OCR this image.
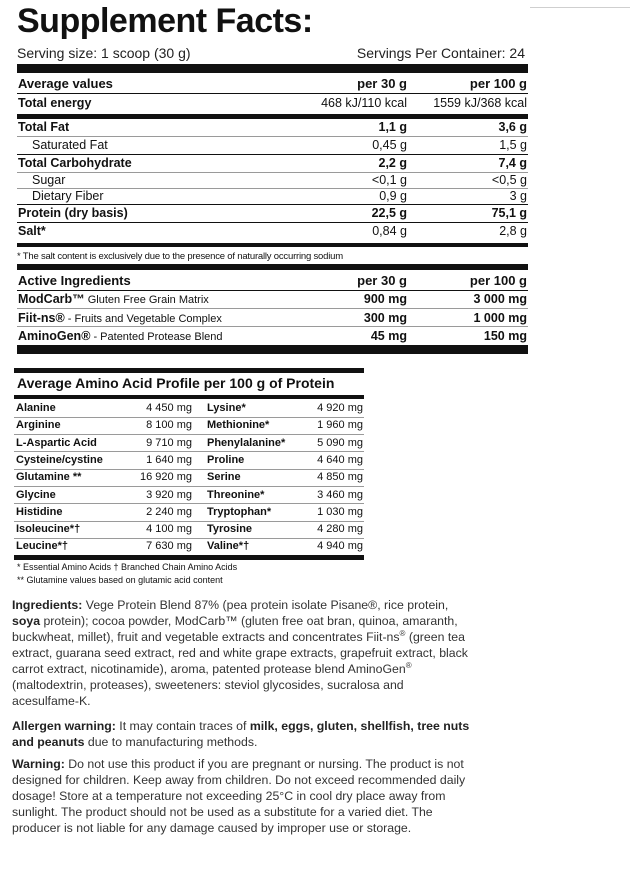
Supplement Facts:
Serving size: 1 scoop (30 g)	Servings Per Container: 24
Average values	per 30 g	per 100 g
Total energy	468 kJ/110 kcal 1559 kJ/368 kcal
Total Fat	1,1 g	3,6 g
Saturated Fat	0,45 g	1,5 g
Total Carbohydrate	2,2 g	7,4 g
Sugar	<0,1 g	<0,5 g
Dietary Fiber	0,9 g	3 g
Protein (dry basis)	22,5 g	75,1 g
Salt*	0,84 g	2,8 g
* The salt content is exclusively due to the presence of naturally occurring sodium
Active Ingredients	per 30 g	per 100 g
ModCarb™ Gluten Free Grain Matrix	900 mg	3 000 mg
Fiit-ns® - Fruits and Vegetable Complex	300 mg	1 000 mg
AminoGen® - Patented Protease Blend	45 mg	150 mg
Average Amino Acid Profile per 100 g of Protein
Alanine	4 450 mg Lysine*	4 920 mg
Arginine	8 100 mg Methionine*	1 960 mg
L-Aspartic Acid	9 710 mg Phenylalanine*	5 090 mg
Cysteine/cystine	1 640 mg Proline	4 640 mg
Glutamine **	16 920 mg Serine	4 850 mg
Glycine	3 920 mg Threonine*	3 460 mg
Histidine	2 240 mg Tryptophan*	1 030 mg
Isoleucine*†	4 100 mg Tyrosine	4 280 mg
Leucine*†	7 630 mg Valine*†	4 940 mg
* Essential Amino Acids † Branched Chain Amino Acids
** Glutamine values based on glutamic acid content
Ingredients: Vege Protein Blend 87% (pea protein isolate Pisane®, rice protein, soya protein); cocoa powder, ModCarb™ (gluten free oat bran, quinoa, amaranth, buckwheat, millet), fruit and vegetable extracts and concentrates Fiit-ns® (green tea extract, guarana seed extract, red and white grape extracts, grapefruit extract, black carrot extract, nicotinamide), aroma, patented protease blend AminoGen® (maltodextrin, proteases), sweeteners: steviol glycosides, sucralosa and acesulfame-K.
Allergen warning: It may contain traces of milk, eggs, gluten, shellfish, tree nuts and peanuts due to manufacturing methods.
Warning: Do not use this product if you are pregnant or nursing. The product is not designed for children. Keep away from children. Do not exceed recommended daily dosage! Store at a temperature not exceeding 25°C in cool dry place away from sunlight. The product should not be used as a substitute for a varied diet. The producer is not liable for any damage caused by improper use or storage.
